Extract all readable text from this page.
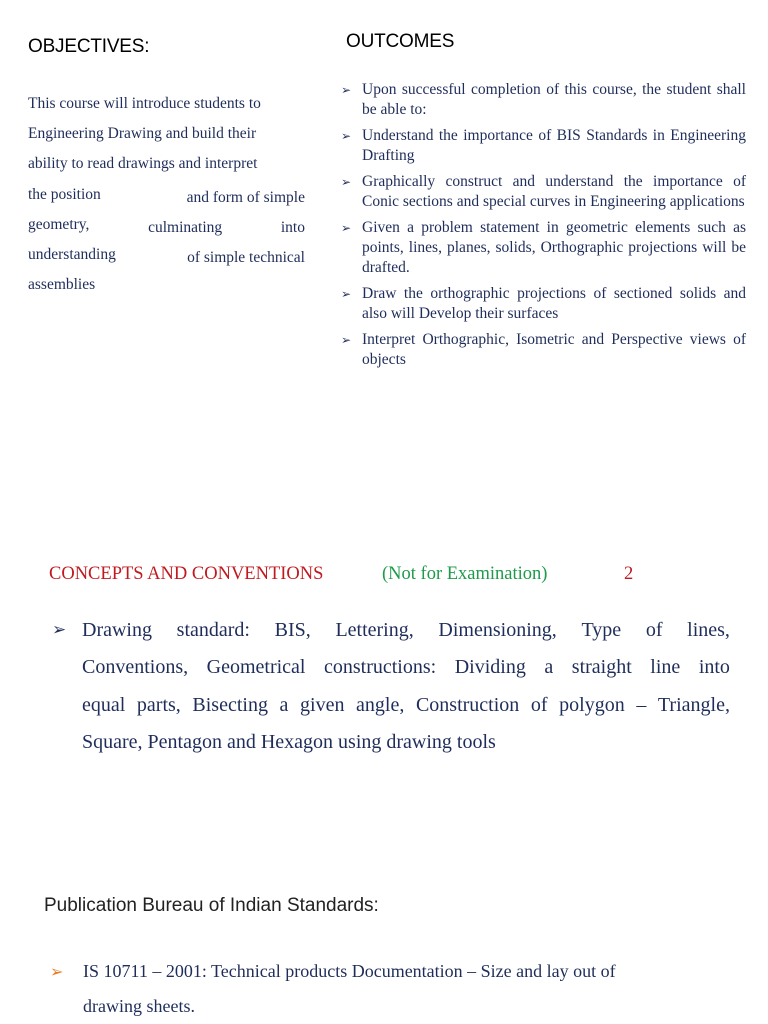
OBJECTIVES:
This course will introduce students to
Engineering Drawing and build their
ability to read drawings and interpret
the position	and form of simple
geometry,	culminating	into
understanding	of simple technical
assemblies
OUTCOMES
➢ Upon successful completion of this course, the student shall be able to:
➢ Understand the importance of BIS Standards in Engineering Drafting
➢ Graphically construct and understand the importance of Conic sections and special curves in Engineering applications
➢ Given a problem statement in geometric elements such as points, lines, planes, solids, Orthographic projections will be drafted.
➢ Draw the orthographic projections of sectioned solids and also will Develop their surfaces
➢ Interpret Orthographic, Isometric and Perspective views of objects
CONCEPTS AND CONVENTIONS	(Not for Examination)	2
➢ Drawing standard: BIS, Lettering, Dimensioning, Type of lines,
Conventions, Geometrical constructions: Dividing a straight line into
equal parts, Bisecting a given angle, Construction of polygon – Triangle,
Square, Pentagon and Hexagon using drawing tools
Publication Bureau of Indian Standards:
➢ IS 10711 – 2001: Technical products Documentation – Size and lay out of
drawing sheets.
